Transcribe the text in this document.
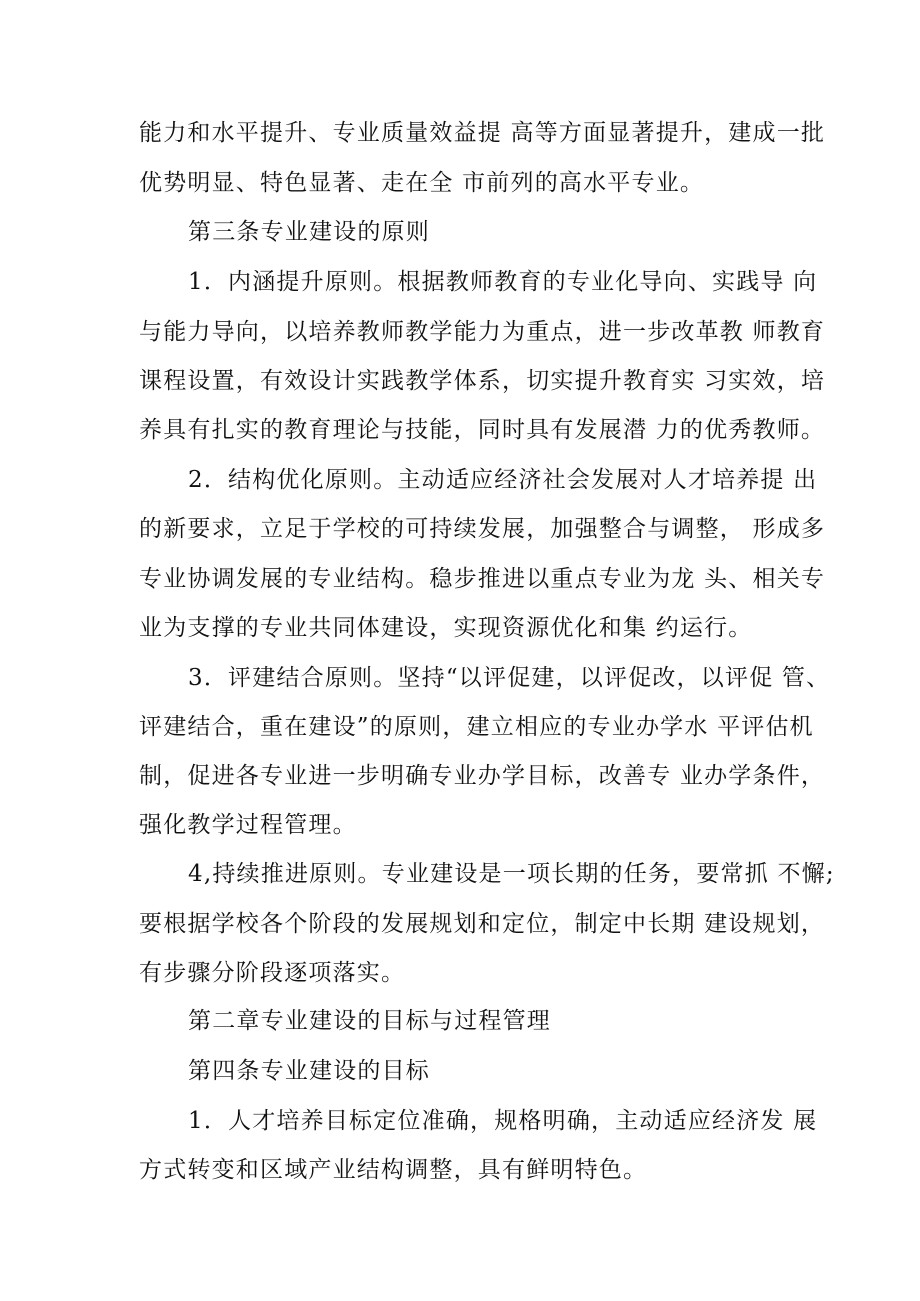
能力和水平提升、专业质量效益提 高等方面显著提升，建成一批
优势明显、特色显著、走在全 市前列的高水平专业。
第三条专业建设的原则
1．内涵提升原则。根据教师教育的专业化导向、实践导 向
与能力导向，以培养教师教学能力为重点，进一步改革教 师教育
课程设置，有效设计实践教学体系，切实提升教育实 习实效，培
养具有扎实的教育理论与技能，同时具有发展潜 力的优秀教师。
2．结构优化原则。主动适应经济社会发展对人才培养提 出
的新要求，立足于学校的可持续发展，加强整合与调整， 形成多
专业协调发展的专业结构。稳步推进以重点专业为龙 头、相关专
业为支撑的专业共同体建设，实现资源优化和集 约运行。
3．评建结合原则。坚持“以评促建，以评促改，以评促 管、
评建结合，重在建设”的原则，建立相应的专业办学水 平评估机
制，促进各专业进一步明确专业办学目标，改善专 业办学条件，
强化教学过程管理。
4,持续推进原则。专业建设是一项长期的任务，要常抓 不懈;
要根据学校各个阶段的发展规划和定位，制定中长期 建设规划，
有步骤分阶段逐项落实。
第二章专业建设的目标与过程管理
第四条专业建设的目标
1．人才培养目标定位准确，规格明确，主动适应经济发 展
方式转变和区域产业结构调整，具有鲜明特色。
